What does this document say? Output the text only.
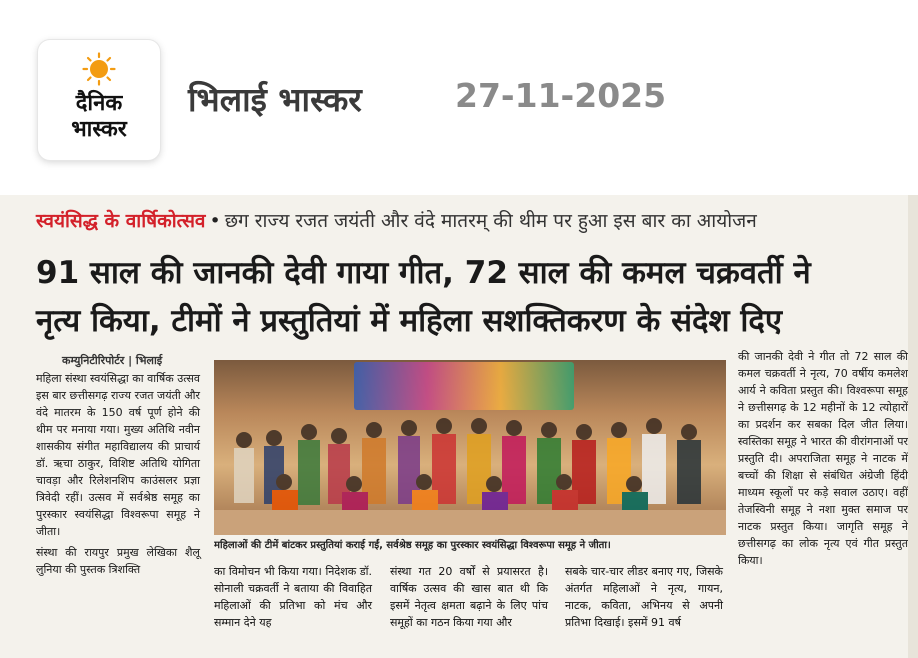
दैनिक
भास्कर
भिलाई भास्कर	27-11-2025
स्वयंसिद्ध के वार्षिकोत्सव • छग राज्य रजत जयंती और वंदे मातरम् की थीम पर हुआ इस बार का आयोजन
91 साल की जानकी देवी गाया गीत, 72 साल की कमल चक्रवर्ती ने
नृत्य किया, टीमों ने प्रस्तुतियां में महिला सशक्तिकरण के संदेश दिए
कम्युनिटीरिपोर्टर | भिलाई

महिला संस्था स्वयंसिद्धा का वार्षिक उत्सव इस बार छत्तीसगढ़ राज्य रजत जयंती और वंदे मातरम के 150 वर्ष पूर्ण होने की थीम पर मनाया गया। मुख्य अतिथि नवीन शासकीय संगीत महाविद्यालय की प्राचार्य डॉ. ऋचा ठाकुर, विशिष्ट अतिथि योगिता चावड़ा और रिलेशनशिप काउंसलर प्रज्ञा त्रिवेदी रहीं। उत्सव में सर्वश्रेष्ठ समूह का पुरस्कार स्वयंसिद्धा विश्वरूपा समूह ने जीता।

संस्था की रायपुर प्रमुख लेखिका शैलू लुनिया की पुस्तक त्रिशक्ति

महिलाओं की टीमें बांटकर प्रस्तुतियां कराई गईं, सर्वश्रेष्ठ समूह का पुरस्कार स्वयंसिद्धा विश्वरूपा समूह ने जीता।
का विमोचन भी किया गया। निदेशक डॉ. सोनाली चक्रवर्ती ने बताया की विवाहित महिलाओं की प्रतिभा को मंच और सम्मान देने यह
संस्था गत 20 वर्षों से प्रयासरत है। वार्षिक उत्सव की खास बात थी कि इसमें नेतृत्व क्षमता बढ़ाने के लिए पांच समूहों का गठन किया गया और
सबके चार-चार लीडर बनाए गए, जिसके अंतर्गत महिलाओं ने नृत्य, गायन, नाटक, कविता, अभिनय से अपनी प्रतिभा दिखाई। इसमें 91 वर्ष
की जानकी देवी ने गीत तो 72 साल की कमल चक्रवर्ती ने नृत्य, 70 वर्षीय कमलेश आर्य ने कविता प्रस्तुत की। विश्वरूपा समूह ने छत्तीसगढ़ के 12 महीनों के 12 त्योहारों का प्रदर्शन कर सबका दिल जीत लिया। स्वस्तिका समूह ने भारत की वीरांगनाओं पर प्रस्तुति दी। अपराजिता समूह ने नाटक में बच्चों की शिक्षा से संबंधित अंग्रेजी हिंदी माध्यम स्कूलों पर कड़े सवाल उठाए। वहीं तेजस्विनी समूह ने नशा मुक्त समाज पर नाटक प्रस्तुत किया। जागृति समूह ने छत्तीसगढ़ का लोक नृत्य एवं गीत प्रस्तुत किया।
